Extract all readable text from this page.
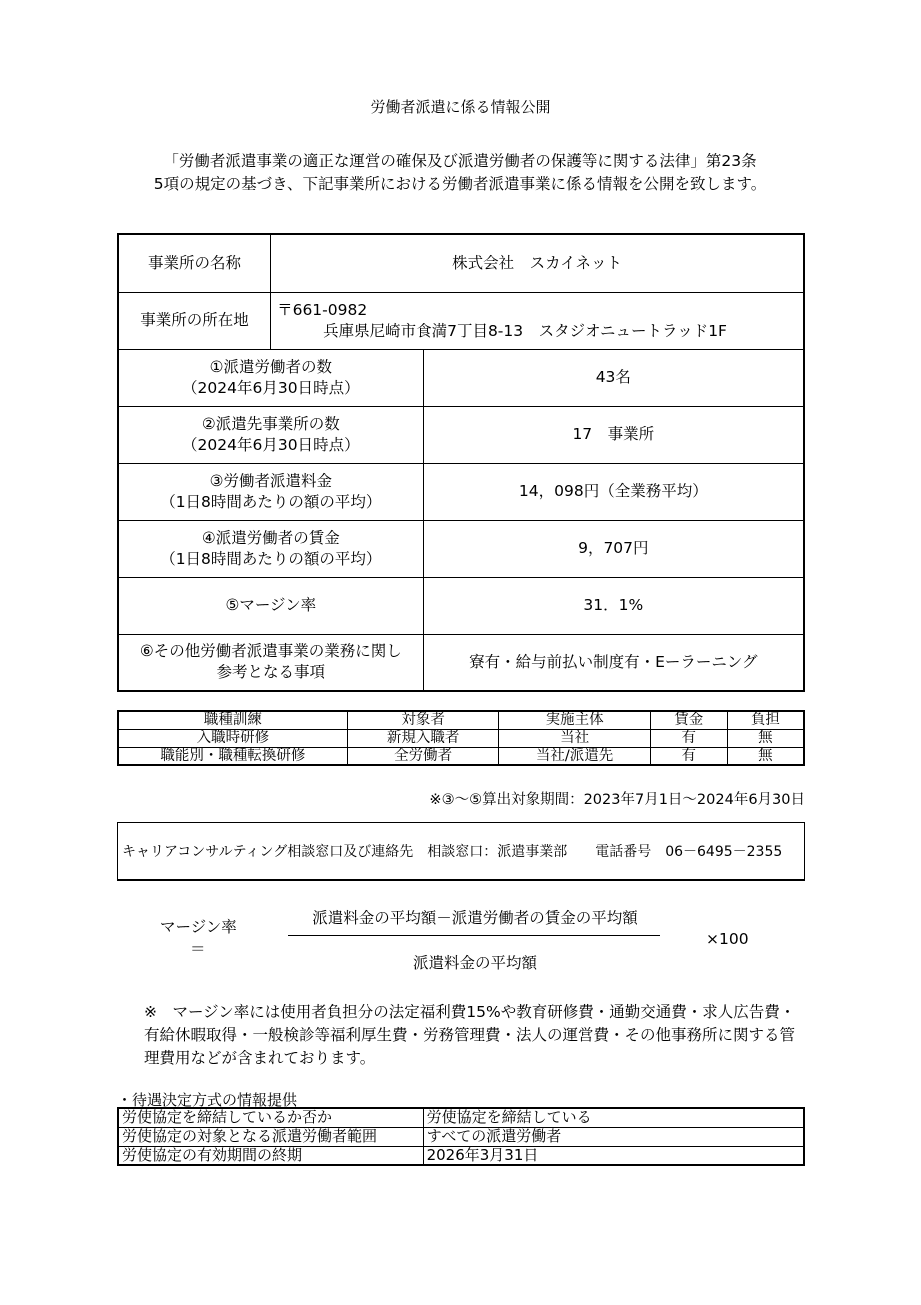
労働者派遣に係る情報公開
「労働者派遣事業の適正な運営の確保及び派遣労働者の保護等に関する法律」第23条
5項の規定の基づき、下記事業所における労働者派遣事業に係る情報を公開を致します。
事業所の名称	株式会社　スカイネット	
事業所の所在地	〒661-0982
兵庫県尼崎市食満7丁目8-13　スタジオニュートラッド1F	

①派遣労働者の数
（2024年6月30日時点）		43名

②派遣先事業所の数
（2024年6月30日時点）		17　事業所

③労働者派遣料金
（1日8時間あたりの額の平均）		14，098円（全業務平均）

④派遣労働者の賃金
（1日8時間あたりの額の平均）		9，707円

⑤マージン率		31．1%

⑥その他労働者派遣事業の業務に関し
参考となる事項		寮有・給与前払い制度有・Eーラーニング
職種訓練	対象者	実施主体	賃金	負担
入職時研修	新規入職者	当社	有	無
職能別・職種転換研修	全労働者	当社/派遣先	有	無
※③～⑤算出対象期間：2023年7月1日～2024年6月30日
キャリアコンサルティング相談窓口及び連絡先　相談窓口：派遣事業部　　電話番号　06－6495－2355
マージン率
＝
派遣料金の平均額－派遣労働者の賃金の平均額
派遣料金の平均額
×100
※　マージン率には使用者負担分の法定福利費15%や教育研修費・通勤交通費・求人広告費・有給休暇取得・一般検診等福利厚生費・労務管理費・法人の運営費・その他事務所に関する管理費用などが含まれております。
・待遇決定方式の情報提供
労使協定を締結しているか否か	労使協定を締結している
労使協定の対象となる派遣労働者範囲	すべての派遣労働者
労使協定の有効期間の終期	2026年3月31日
